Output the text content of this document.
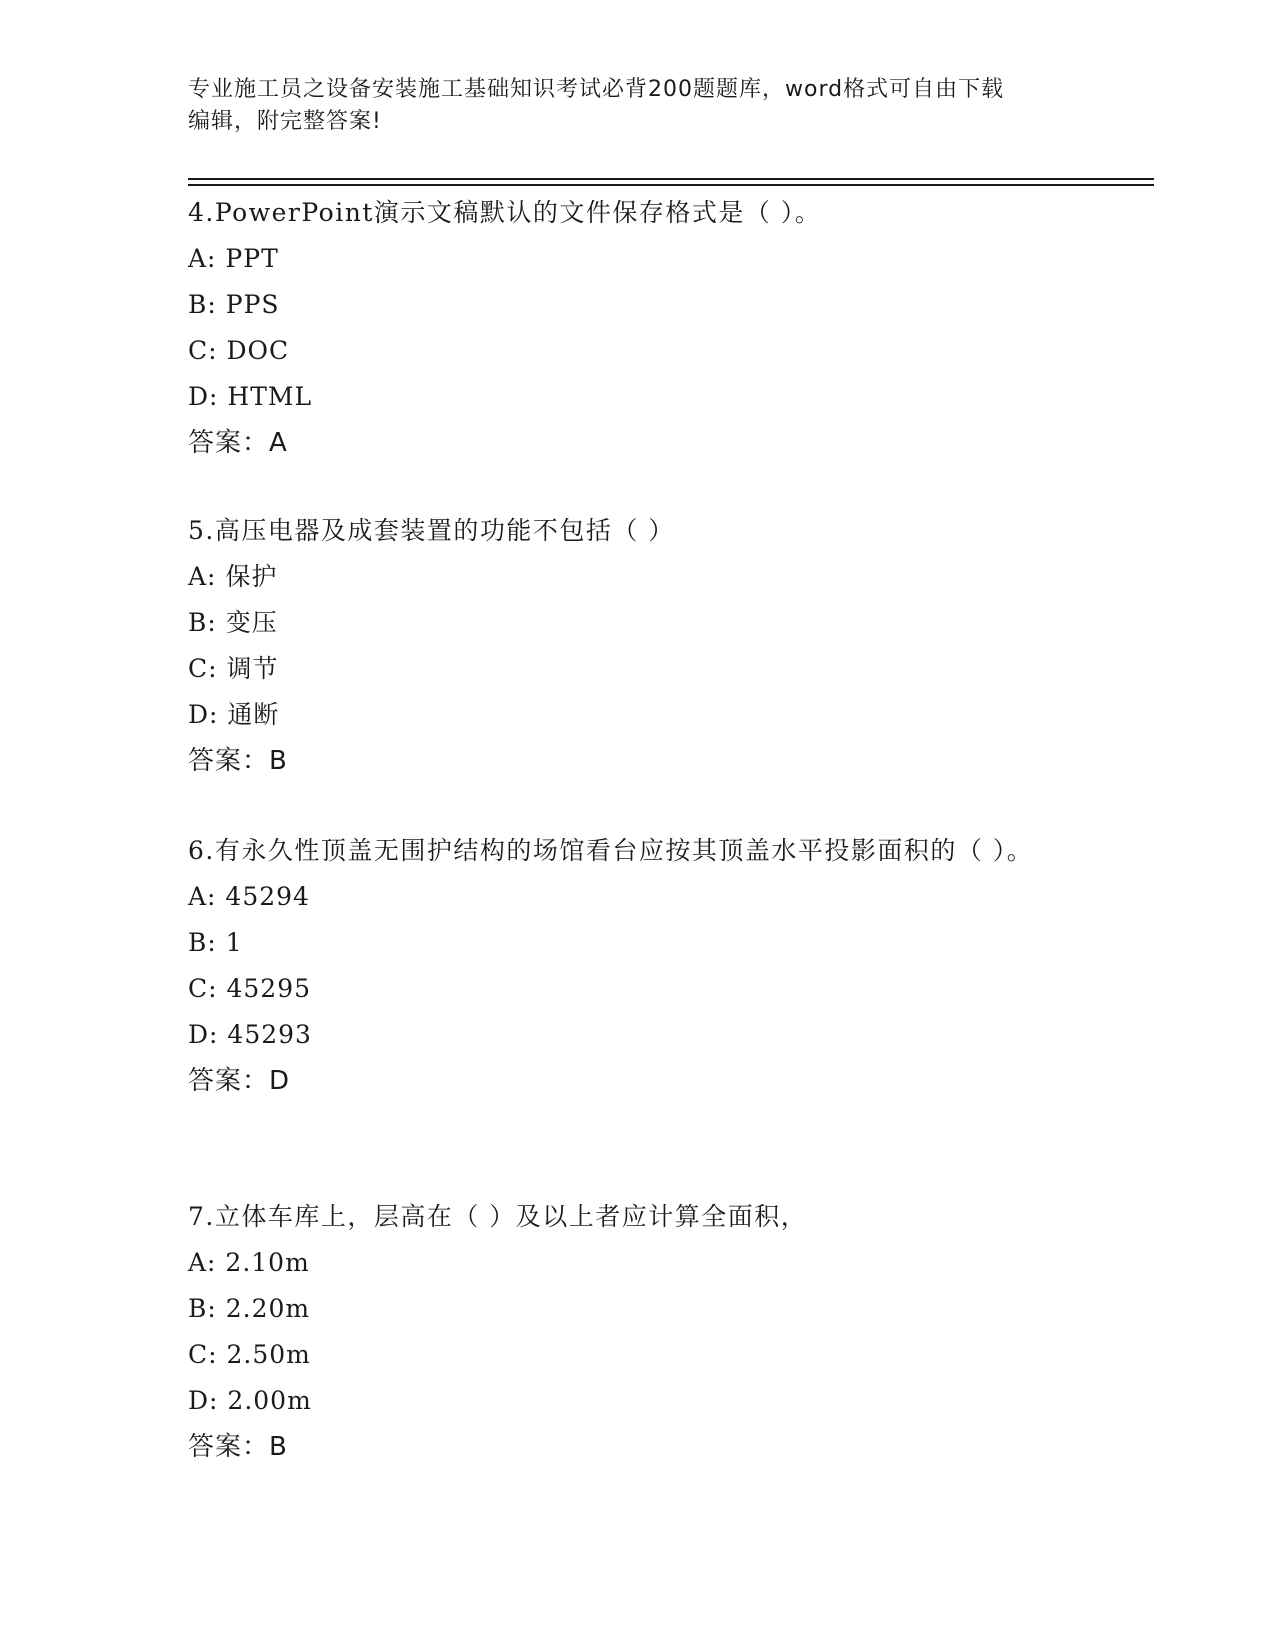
专业施工员之设备安装施工基础知识考试必背200题题库，word格式可自由下载
编辑，附完整答案!
4.PowerPoint演示文稿默认的文件保存格式是（ ）。
A: PPT
B: PPS
C: DOC
D: HTML
答案：A
5.高压电器及成套装置的功能不包括（ ）
A: 保护
B: 变压
C: 调节
D: 通断
答案：B
6.有永久性顶盖无围护结构的场馆看台应按其顶盖水平投影面积的（ ）。
A: 45294
B: 1
C: 45295
D: 45293
答案：D
7.立体车库上，层高在（ ）及以上者应计算全面积，
A: 2.10m
B: 2.20m
C: 2.50m
D: 2.00m
答案：B
